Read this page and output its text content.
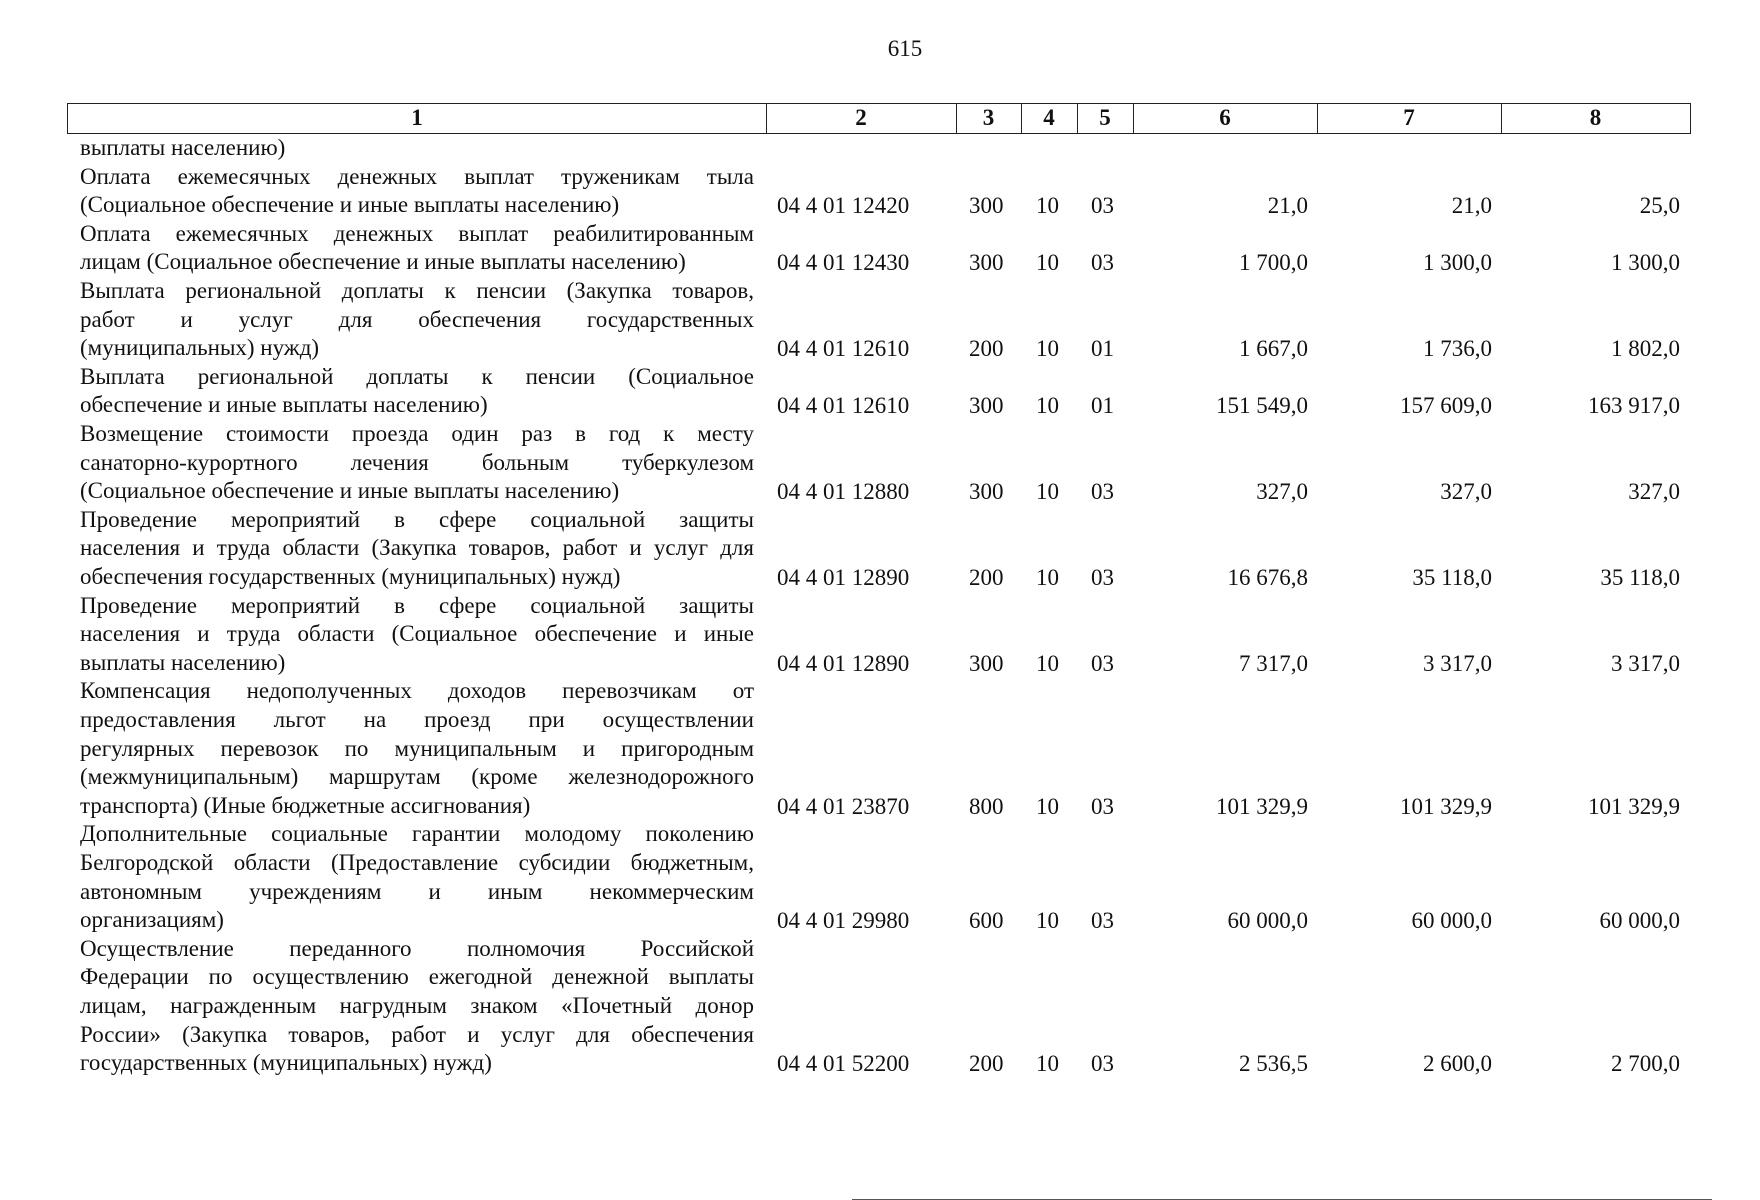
615
1	2	3	4	5	6	7	8
выплаты населению)
Оплата ежемесячных денежных выплат труженикам тыла
(Социальное обеспечение и иные выплаты населению)	04 4 01 12420	300 10 03	21,0	21,0	25,0
Оплата ежемесячных денежных выплат реабилитированным
лицам (Социальное обеспечение и иные выплаты населению)	04 4 01 12430	300 10 03	1 700,0	1 300,0	1 300,0
Выплата региональной доплаты к пенсии (Закупка товаров,
работ и услуг для обеспечения государственных
(муниципальных) нужд)	04 4 01 12610	200 10 01	1 667,0	1 736,0	1 802,0
Выплата региональной доплаты к пенсии (Социальное
обеспечение и иные выплаты населению)	04 4 01 12610	300 10 01	151 549,0	157 609,0	163 917,0
Возмещение стоимости проезда один раз в год к месту
санаторно-курортного лечения больным туберкулезом
(Социальное обеспечение и иные выплаты населению)	04 4 01 12880	300 10 03	327,0	327,0	327,0
Проведение мероприятий в сфере социальной защиты
населения и труда области (Закупка товаров, работ и услуг для
обеспечения государственных (муниципальных) нужд)	04 4 01 12890	200 10 03	16 676,8	35 118,0	35 118,0
Проведение мероприятий в сфере социальной защиты
населения и труда области (Социальное обеспечение и иные
выплаты населению)	04 4 01 12890	300 10 03	7 317,0	3 317,0	3 317,0
Компенсация недополученных доходов перевозчикам от
предоставления льгот на проезд при осуществлении
регулярных перевозок по муниципальным и пригородным
(межмуниципальным) маршрутам (кроме железнодорожного
транспорта) (Иные бюджетные ассигнования)	04 4 01 23870	800 10 03	101 329,9	101 329,9	101 329,9
Дополнительные социальные гарантии молодому поколению
Белгородской области (Предоставление субсидии бюджетным,
автономным учреждениям и иным некоммерческим
организациям)	04 4 01 29980	600 10 03	60 000,0	60 000,0	60 000,0
Осуществление переданного полномочия Российской
Федерации по осуществлению ежегодной денежной выплаты
лицам, награжденным нагрудным знаком «Почетный донор
России» (Закупка товаров, работ и услуг для обеспечения
государственных (муниципальных) нужд)	04 4 01 52200	200 10 03	2 536,5	2 600,0	2 700,0
